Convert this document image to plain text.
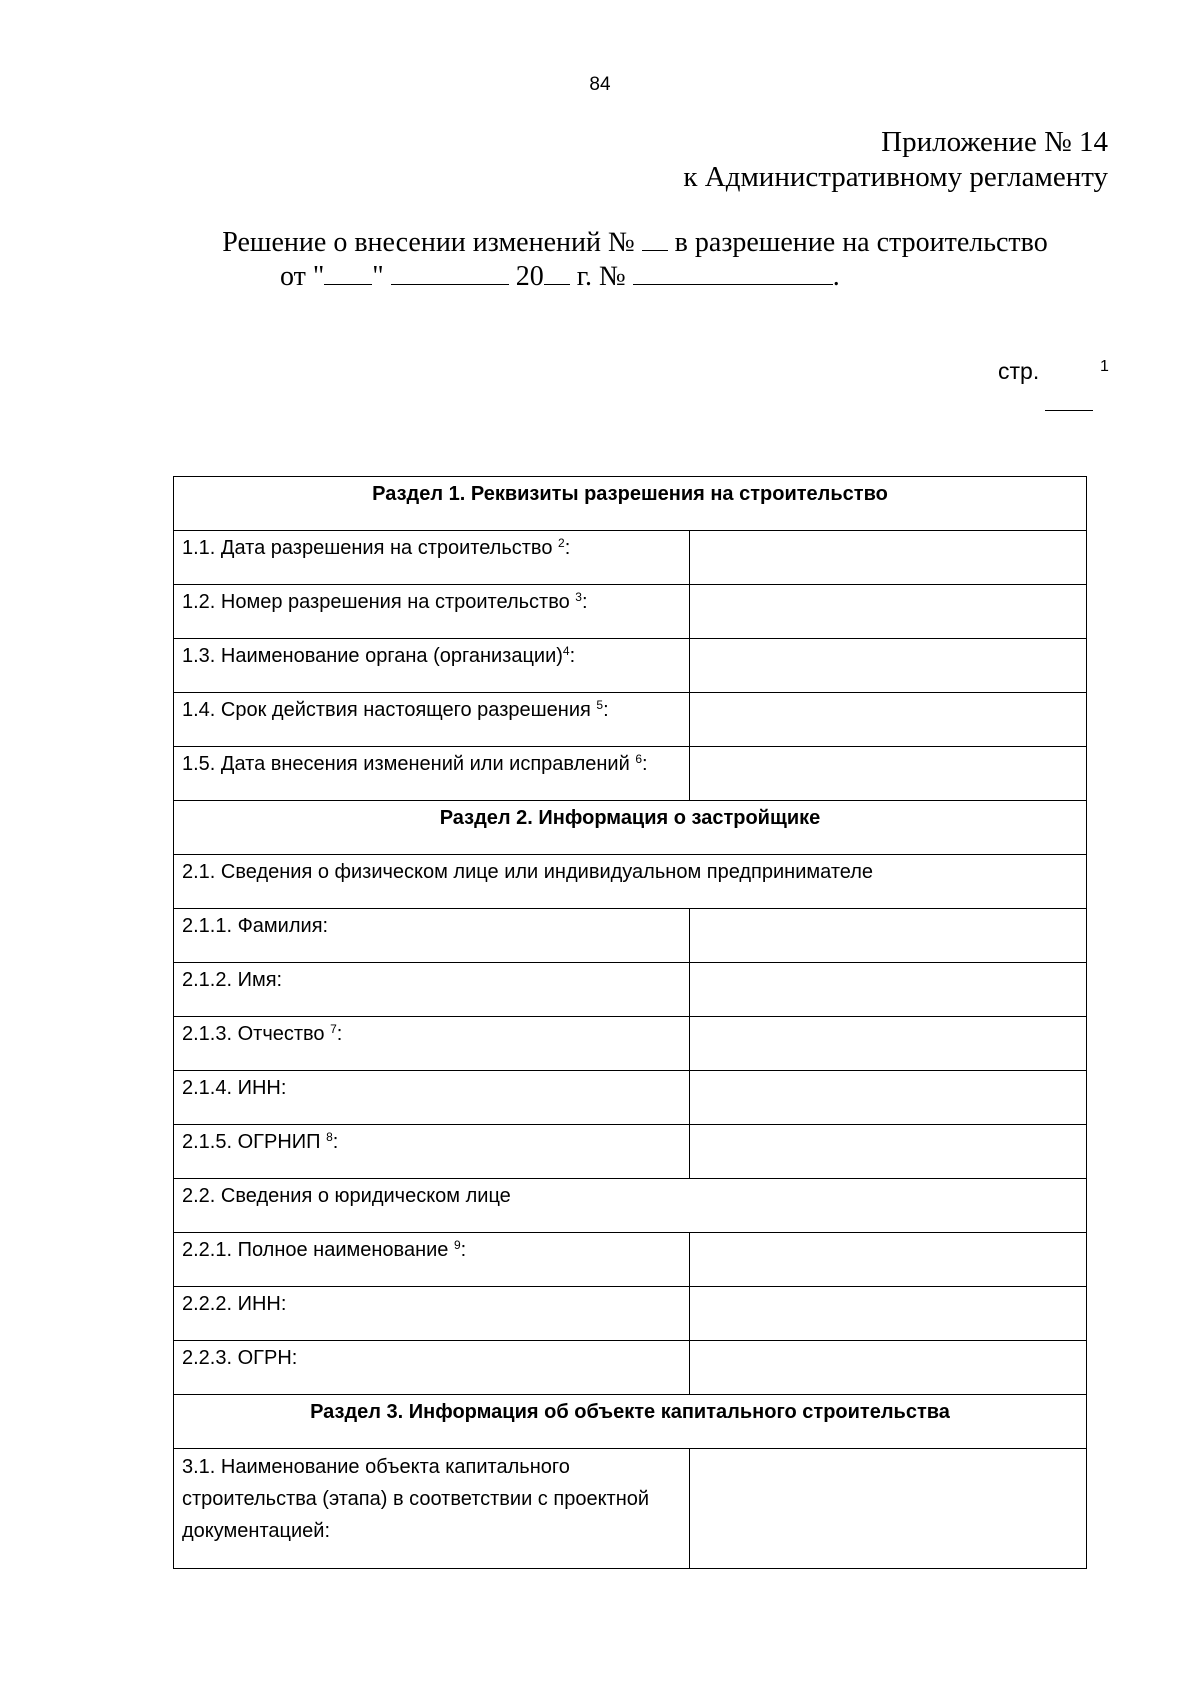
84
Приложение № 14
к Административному регламенту
Решение о внесении изменений № в разрешение на строительство
от " "	20 г. №	.
стр.	1
Раздел 1. Реквизиты разрешения на строительство	
1.1. Дата разрешения на строительство $^2$:	
1.2. Номер разрешения на строительство $^3$:	
1.3. Наименование органа (организации)$^4$:	
1.4. Срок действия настоящего разрешения $^5$:	
1.5. Дата внесения изменений или исправлений $^6$:	
Раздел 2. Информация о застройщике	
2.1. Сведения о физическом лице или индивидуальном предпринимателе	
2.1.1. Фамилия:	
2.1.2. Имя:	
2.1.3. Отчество $^7$:	
2.1.4. ИНН:	
2.1.5. ОГРНИП $^8$:	
2.2. Сведения о юридическом лице	
2.2.1. Полное наименование $^9$:	
2.2.2. ИНН:	
2.2.3. ОГРН:	
Раздел 3. Информация об объекте капитального строительства	
3.1. Наименование объекта капитального строительства (этапа) в соответствии с проектной документацией:	
